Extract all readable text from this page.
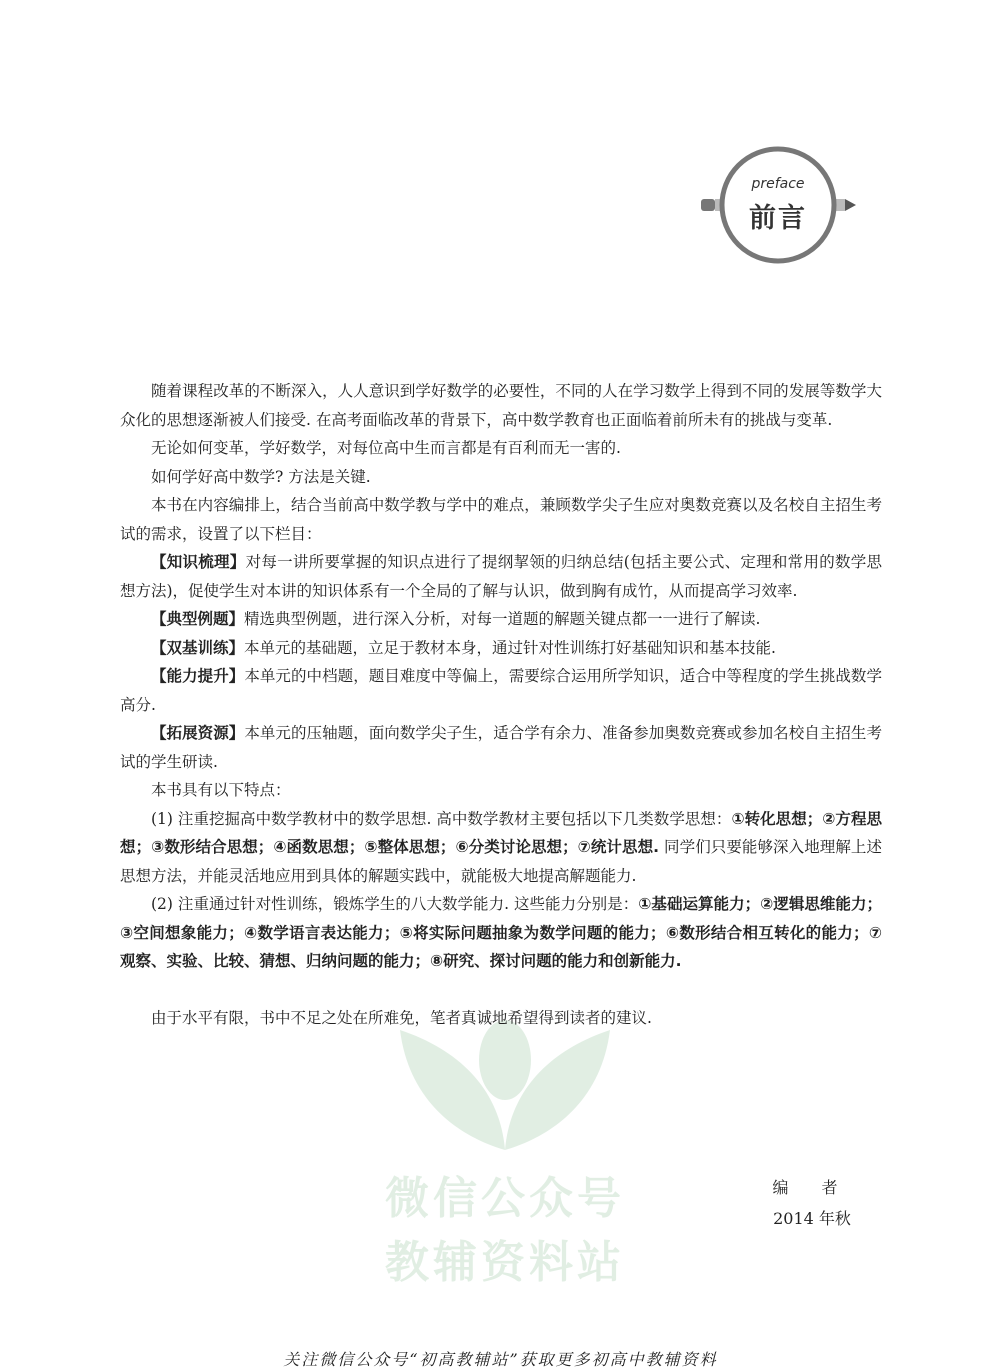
preface
前言
微信公众号
教辅资料站

随着课程改革的不断深入，人人意识到学好数学的必要性，不同的人在学习数学上得到不同的发展等数学大众化的思想逐渐被人们接受. 在高考面临改革的背景下，高中数学教育也正面临着前所未有的挑战与变革.

无论如何变革，学好数学，对每位高中生而言都是有百利而无一害的.

如何学好高中数学? 方法是关键.

本书在内容编排上，结合当前高中数学教与学中的难点，兼顾数学尖子生应对奥数竞赛以及名校自主招生考试的需求，设置了以下栏目：

【知识梳理】对每一讲所要掌握的知识点进行了提纲挈领的归纳总结(包括主要公式、定理和常用的数学思想方法)，促使学生对本讲的知识体系有一个全局的了解与认识，做到胸有成竹，从而提高学习效率.

【典型例题】精选典型例题，进行深入分析，对每一道题的解题关键点都一一进行了解读.

【双基训练】本单元的基础题，立足于教材本身，通过针对性训练打好基础知识和基本技能.

【能力提升】本单元的中档题，题目难度中等偏上，需要综合运用所学知识，适合中等程度的学生挑战数学高分.

【拓展资源】本单元的压轴题，面向数学尖子生，适合学有余力、准备参加奥数竞赛或参加名校自主招生考试的学生研读.

本书具有以下特点：

(1) 注重挖掘高中数学教材中的数学思想. 高中数学教材主要包括以下几类数学思想：①转化思想；②方程思想；③数形结合思想；④函数思想；⑤整体思想；⑥分类讨论思想；⑦统计思想. 同学们只要能够深入地理解上述思想方法，并能灵活地应用到具体的解题实践中，就能极大地提高解题能力.

(2) 注重通过针对性训练，锻炼学生的八大数学能力. 这些能力分别是：①基础运算能力；②逻辑思维能力；③空间想象能力；④数学语言表达能力；⑤将实际问题抽象为数学问题的能力；⑥数形结合相互转化的能力；⑦观察、实验、比较、猜想、归纳问题的能力；⑧研究、探讨问题的能力和创新能力.

由于水平有限，书中不足之处在所难免，笔者真诚地希望得到读者的建议.

编 者
2014 年秋
关注微信公众号“初高教辅站”获取更多初高中教辅资料
